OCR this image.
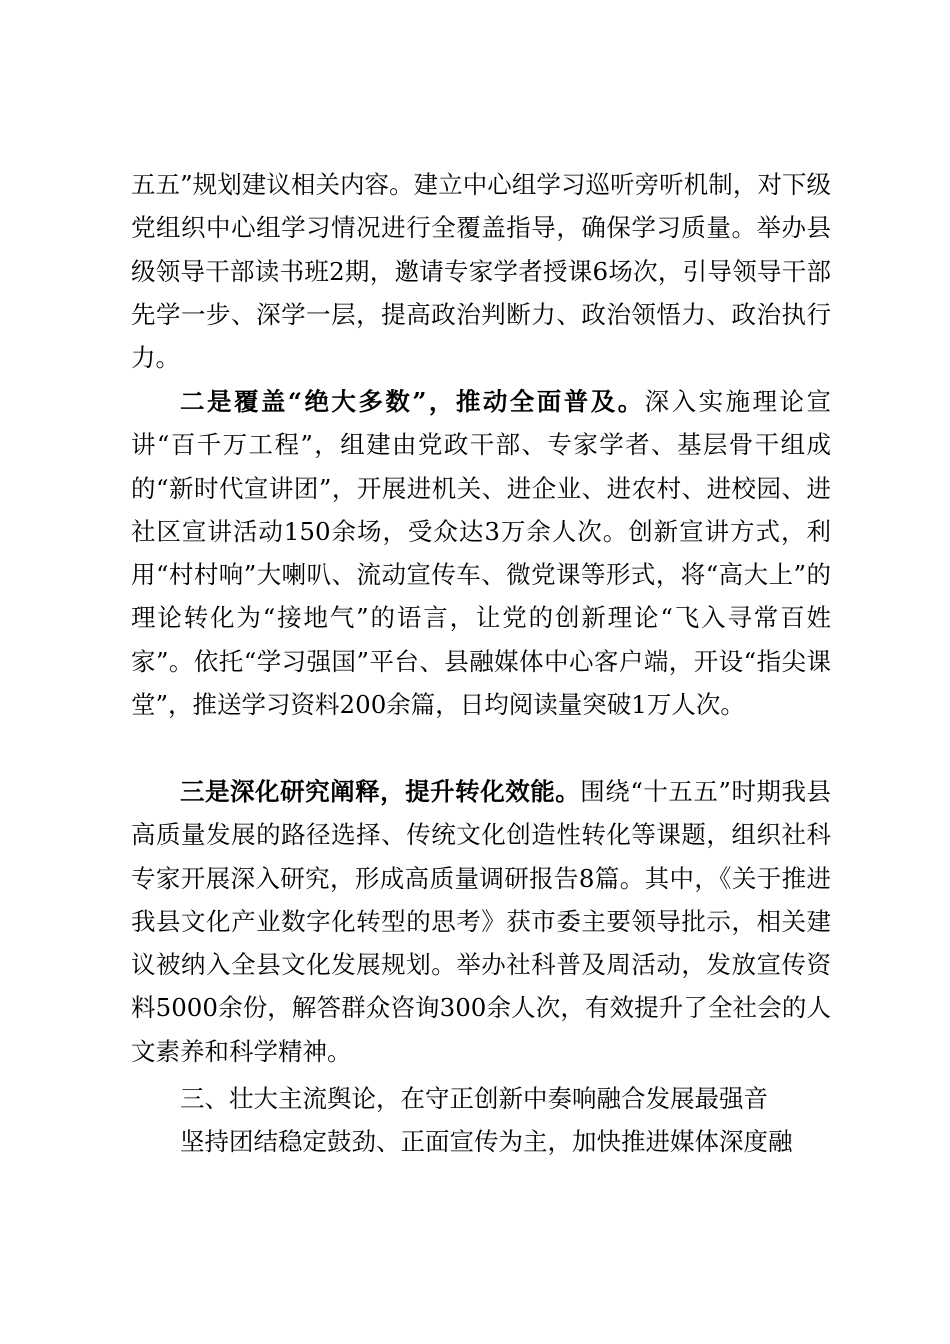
五五”规划建议相关内容。建立中心组学习巡听旁听机制，对下级党组织中心组学习情况进行全覆盖指导，确保学习质量。举办县级领导干部读书班2期，邀请专家学者授课6场次，引导领导干部先学一步、深学一层，提高政治判断力、政治领悟力、政治执行力。

二是覆盖“绝大多数”，推动全面普及。深入实施理论宣讲“百千万工程”，组建由党政干部、专家学者、基层骨干组成的“新时代宣讲团”，开展进机关、进企业、进农村、进校园、进社区宣讲活动150余场，受众达3万余人次。创新宣讲方式，利用“村村响”大喇叭、流动宣传车、微党课等形式，将“高大上”的理论转化为“接地气”的语言，让党的创新理论“飞入寻常百姓家”。依托“学习强国”平台、县融媒体中心客户端，开设“指尖课堂”，推送学习资料200余篇，日均阅读量突破1万人次。

三是深化研究阐释，提升转化效能。围绕“十五五”时期我县高质量发展的路径选择、传统文化创造性转化等课题，组织社科专家开展深入研究，形成高质量调研报告8篇。其中，《关于推进我县文化产业数字化转型的思考》获市委主要领导批示，相关建议被纳入全县文化发展规划。举办社科普及周活动，发放宣传资料5000余份，解答群众咨询300余人次，有效提升了全社会的人文素养和科学精神。

三、壮大主流舆论，在守正创新中奏响融合发展最强音

坚持团结稳定鼓劲、正面宣传为主，加快推进媒体深度融
